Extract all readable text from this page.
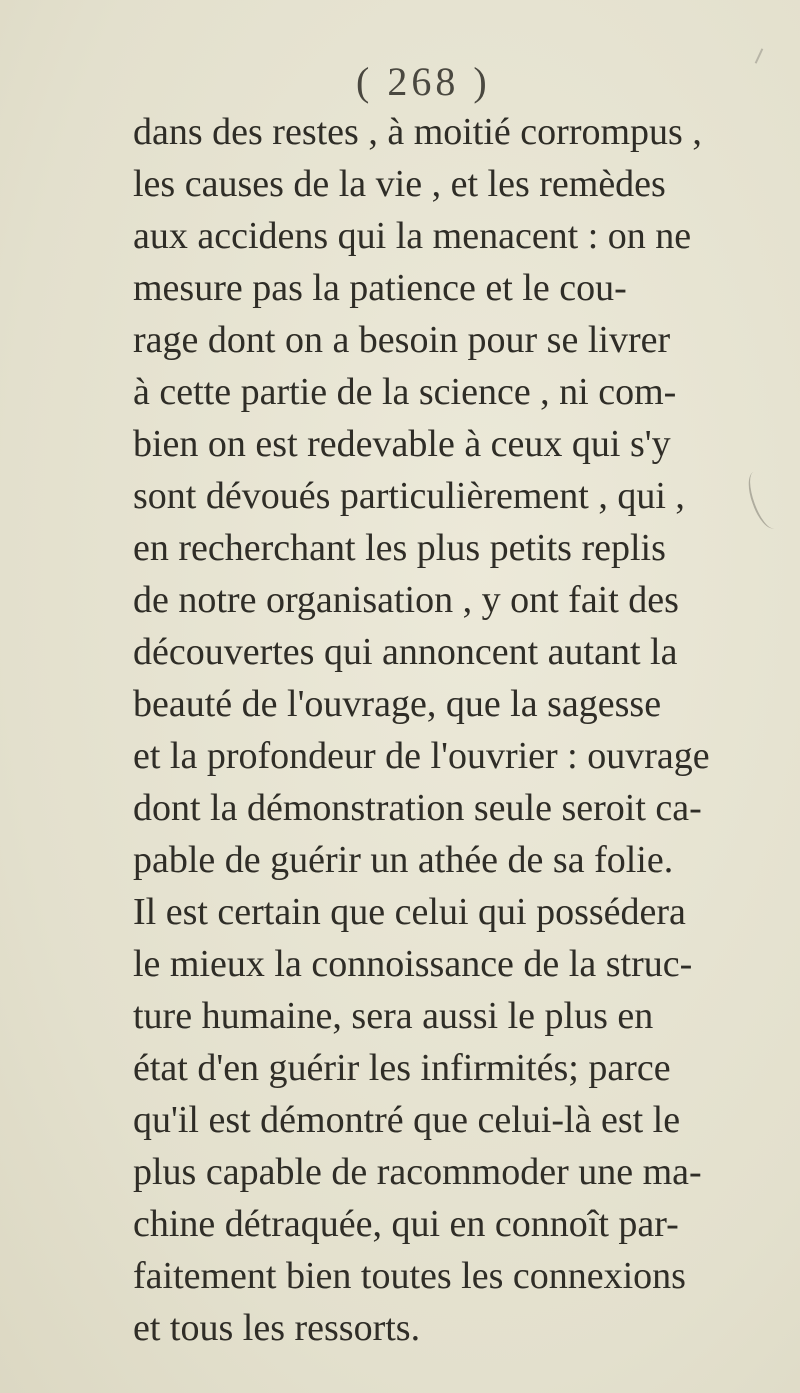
( 268 )
dans des restes , à moitié corrompus ,
les causes de la vie , et les remèdes
aux accidens qui la menacent : on ne
mesure pas la patience et le cou-
rage dont on a besoin pour se livrer
à cette partie de la science , ni com-
bien on est redevable à ceux qui s'y
sont dévoués particulièrement , qui ,
en recherchant les plus petits replis
de notre organisation , y ont fait des
découvertes qui annoncent autant la
beauté de l'ouvrage, que la sagesse
et la profondeur de l'ouvrier : ouvrage
dont la démonstration seule seroit ca-
pable de guérir un athée de sa folie.
Il est certain que celui qui possédera
le mieux la connoissance de la struc-
ture humaine, sera aussi le plus en
état d'en guérir les infirmités; parce
qu'il est démontré que celui-là est le
plus capable de racommoder une ma-
chine détraquée, qui en connoît par-
faitement bien toutes les connexions
et tous les ressorts.
